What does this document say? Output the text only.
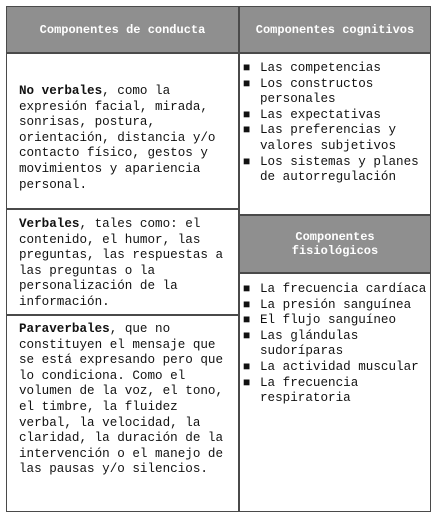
Componentes de conducta
No verbales, como la expresión facial, mirada, sonrisas, postura, orientación, distancia y/o contacto físico, gestos y movimientos y apariencia personal.
Verbales, tales como: el contenido, el humor, las preguntas, las respuestas a las preguntas o la personalización de la información.
Paraverbales, que no constituyen el mensaje que se está expresando pero que lo condiciona. Como el volumen de la voz, el tono, el timbre, la fluidez verbal, la velocidad, la claridad, la duración de la intervención o el manejo de las pausas y/o silencios.
Componentes cognitivos
■ Las competencias
■ Los constructos personales
■ Las expectativas
■ Las preferencias y valores subjetivos
■ Los sistemas y planes de autorregulación
Componentes fisiológicos
■ La frecuencia cardíaca
■ La presión sanguínea
■ El flujo sanguíneo
■ Las glándulas sudoríparas
■ La actividad muscular
■ La frecuencia respiratoria
